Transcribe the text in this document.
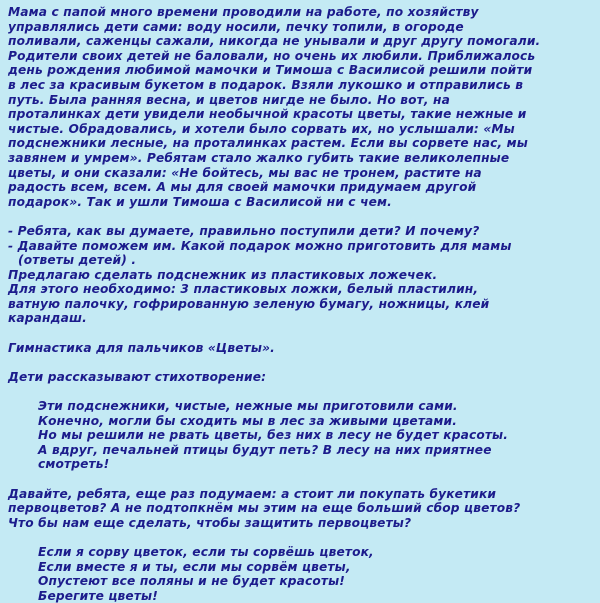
Мама с папой много времени проводили на работе, по хозяйству
управлялись дети сами: воду носили, печку топили, в огороде
поливали, саженцы сажали, никогда не унывали и друг другу помогали.
Родители своих детей не баловали, но очень их любили. Приближалось
день рождения любимой мамочки и Тимоша с Василисой решили пойти
в лес за красивым букетом в подарок. Взяли лукошко и отправились в
путь. Была ранняя весна, и цветов нигде не было. Но вот, на
проталинках дети увидели необычной красоты цветы, такие нежные и
чистые. Обрадовались, и хотели было сорвать их, но услышали: «Мы
подснежники лесные, на проталинках растем. Если вы сорвете нас, мы
завянем и умрем». Ребятам стало жалко губить такие великолепные
цветы, и они сказали: «Не бойтесь, мы вас не тронем, растите на
радость всем, всем. А мы для своей мамочки придумаем другой
подарок». Так и ушли Тимоша с Василисой ни с чем.
- Ребята, как вы думаете, правильно поступили дети? И почему?
- Давайте поможем им. Какой подарок можно приготовить для мамы
(ответы детей) .
Предлагаю сделать подснежник из пластиковых ложечек.
Для этого необходимо: 3 пластиковых ложки, белый пластилин,
ватную палочку, гофрированную зеленую бумагу, ножницы, клей
карандаш.
Гимнастика для пальчиков «Цветы».
Дети рассказывают стихотворение:
Эти подснежники, чистые, нежные мы приготовили сами.
Конечно, могли бы сходить мы в лес за живыми цветами.
Но мы решили не рвать цветы, без них в лесу не будет красоты.
А вдруг, печальней птицы будут петь? В лесу на них приятнее
смотреть!
Давайте, ребята, еще раз подумаем: а стоит ли покупать букетики
первоцветов? А не подтопкнём мы этим на еще больший сбор цветов?
Что бы нам еще сделать, чтобы защитить первоцветы?
Если я сорву цветок, если ты сорвёшь цветок,
Если вместе я и ты, если мы сорвём цветы,
Опустеют все поляны и не будет красоты!
Берегите цветы!
